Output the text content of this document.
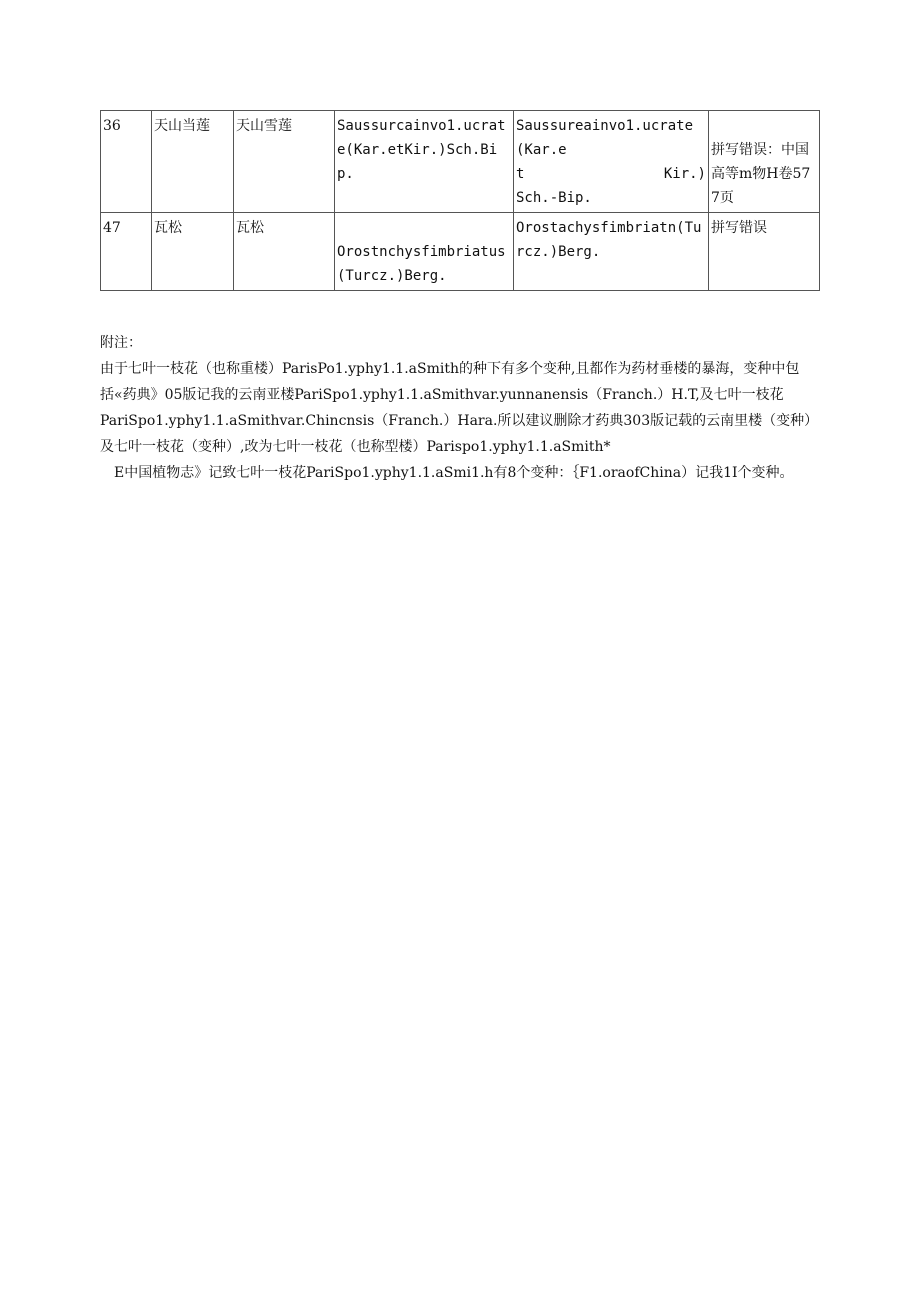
36	天山当莲	天山雪莲	Saussurcainvo1.ucrate(Kar.etKir.)Sch.Bip.	Saussureainvo1.ucrate(Kar.e
t Kir.)
Sch.-Bip.	拼写错误：中国高等m物H卷577页
47	瓦松	瓦松	Orostnchysfimbriatus(Turcz.)Berg.	Orostachysfimbriatn(Turcz.)Berg.	拼写错误

附注：

由于七叶一枝花（也称重楼）ParisPo1.yphy1.1.aSmith的种下有多个变种,且都作为药材垂楼的暴海，变种中包括«药典》05版记我的云南亚楼PariSpo1.yphy1.1.aSmithvar.yunnanensis（Franch.）H.T,及七叶一枝花PariSpo1.yphy1.1.aSmithvar.Chincnsis（Franch.）Hara.所以建议删除才药典303版记载的云南里楼（变种）及七叶一枝花（变种）,改为七叶一枝花（也称型楼）Parispo1.yphy1.1.aSmith*

E中国植物志》记致七叶一枝花PariSpo1.yphy1.1.aSmi1.h有8个变种：｛F1.oraofChina）记我1I个变种。
